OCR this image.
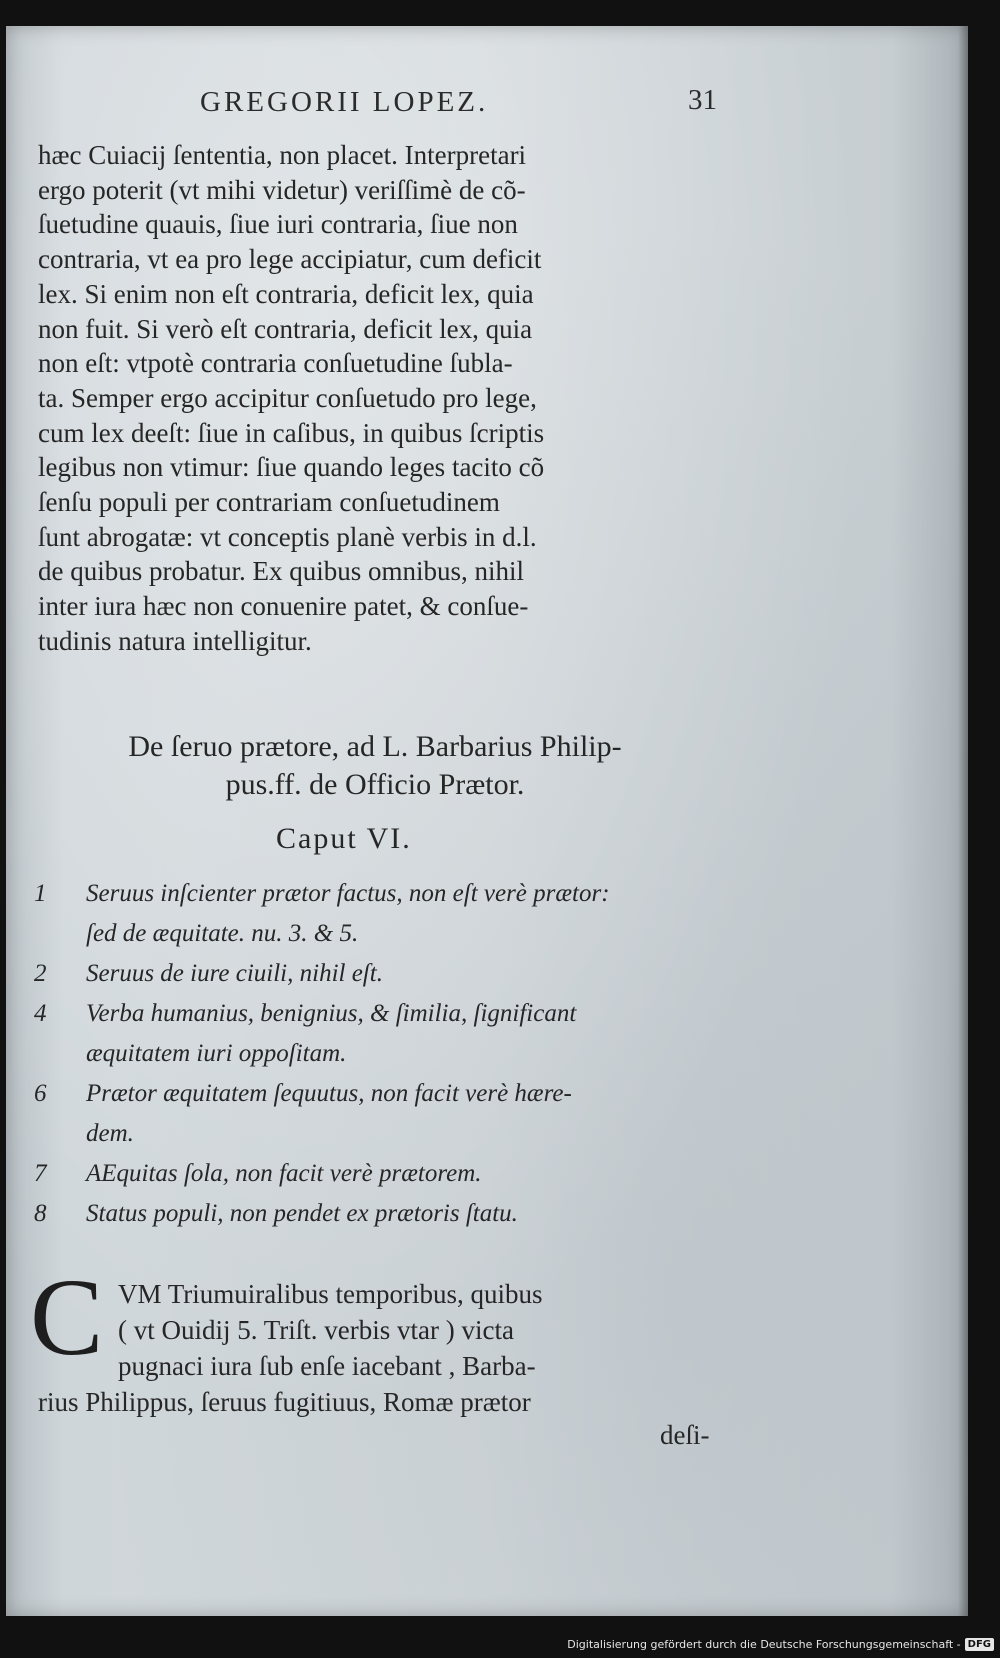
GREGORII LOPEZ.	31
hæc Cuiacij ſententia, non placet. Interpretari
ergo poterit (vt mihi videtur) veriſſimè de cõ-
ſuetudine quauis, ſiue iuri contraria, ſiue non
contraria, vt ea pro lege accipiatur, cum deficit
lex. Si enim non eſt contraria, deficit lex, quia
non fuit. Si verò eſt contraria, deficit lex, quia
non eſt: vtpotè contraria conſuetudine ſubla-
ta. Semper ergo accipitur conſuetudo pro lege,
cum lex deeſt: ſiue in caſibus, in quibus ſcriptis
legibus non vtimur: ſiue quando leges tacito cõ
ſenſu populi per contrariam conſuetudinem
ſunt abrogatæ: vt conceptis planè verbis in d.l.
de quibus probatur. Ex quibus omnibus, nihil
inter iura hæc non conuenire patet, & conſue-
tudinis natura intelligitur.
De ſeruo prætore, ad L. Barbarius Philip-
pus.ff. de Officio Prætor.
Caput VI.
1	Seruus inſcienter prætor factus, non eſt verè prætor:
ſed de æquitate. nu. 3. & 5.
2	Seruus de iure ciuili, nihil eſt.
4	Verba humanius, benignius, & ſimilia, ſignificant
æquitatem iuri oppoſitam.
6	Prætor æquitatem ſequutus, non facit verè hære-
dem.
7	AEquitas ſola, non facit verè prætorem.
8	Status populi, non pendet ex prætoris ſtatu.
C VM Triumuiralibus temporibus, quibus
( vt Ouidij 5. Triſt. verbis vtar ) victa
pugnaci iura ſub enſe iacebant , Barba-
rius Philippus, ſeruus fugitiuus, Romæ prætor
deſi-
Digitalisierung gefördert durch die Deutsche Forschungsgemeinschaft - DFG
